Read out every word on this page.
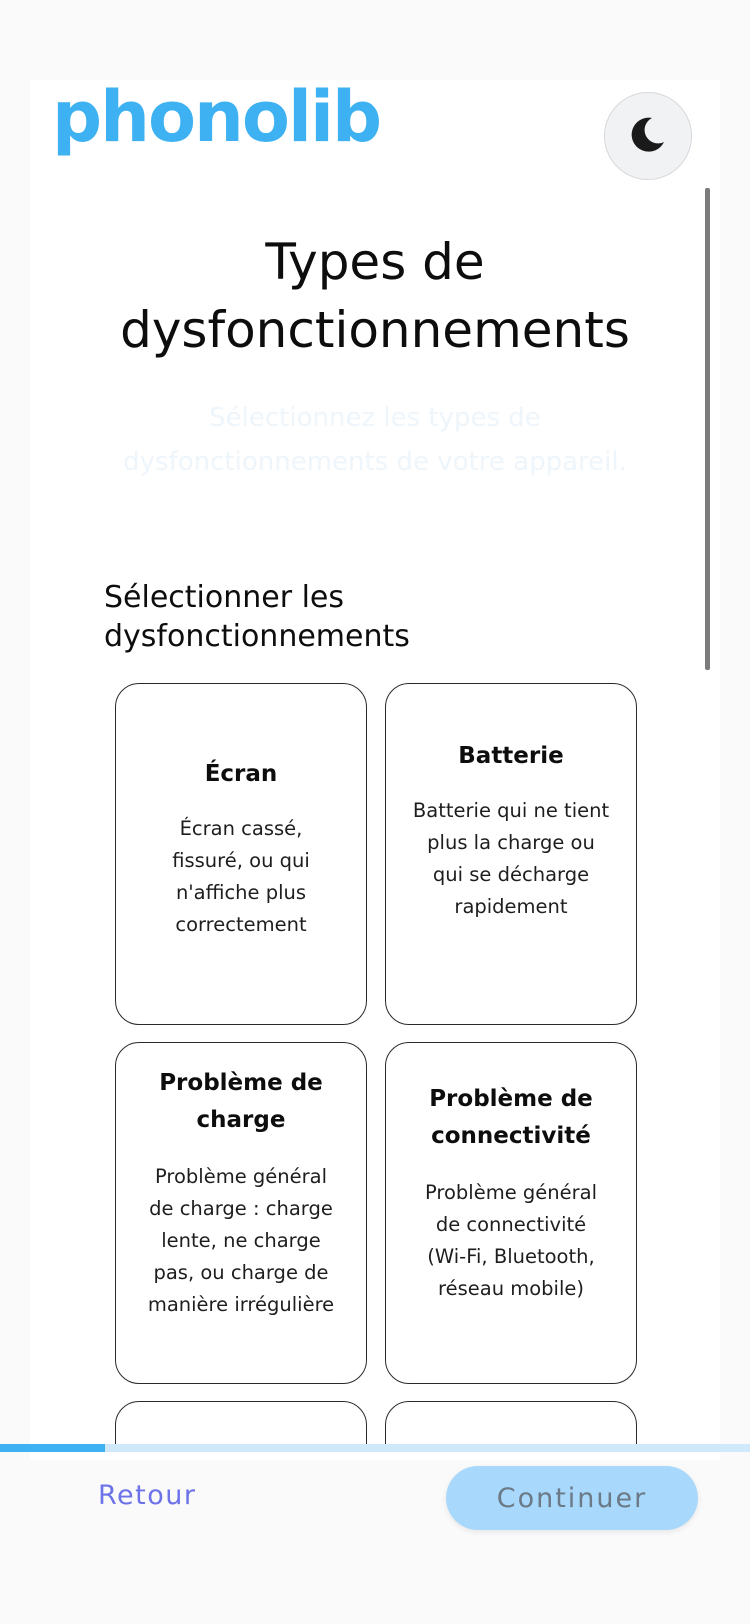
phonolib
Types de
dysfonctionnements

Sélectionnez les types de
dysfonctionnements de votre appareil.

Sélectionner les
dysfonctionnements
Écran
Écran cassé, fissuré, ou qui n'affiche plus correctement
Batterie
Batterie qui ne tient plus la charge ou qui se décharge rapidement
Problème de charge
Problème général de charge : charge lente, ne charge pas, ou charge de manière irrégulière
Problème de connectivité
Problème général de connectivité (Wi-Fi, Bluetooth, réseau mobile)
Retour	Continuer
